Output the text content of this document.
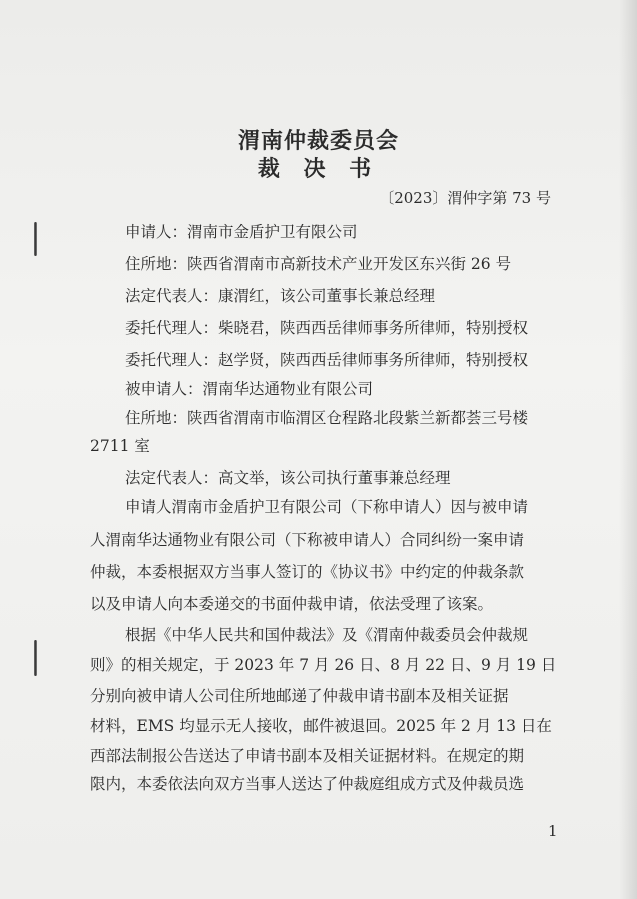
渭南仲裁委员会
裁 决 书
〔2023〕渭仲字第 73 号
申请人：渭南市金盾护卫有限公司
住所地：陕西省渭南市高新技术产业开发区东兴街 26 号
法定代表人：康渭红，该公司董事长兼总经理
委托代理人：柴晓君，陕西西岳律师事务所律师，特别授权
委托代理人：赵学贤，陕西西岳律师事务所律师，特别授权
被申请人：渭南华达通物业有限公司
住所地：陕西省渭南市临渭区仓程路北段紫兰新都荟三号楼
2711 室
法定代表人：高文举，该公司执行董事兼总经理
申请人渭南市金盾护卫有限公司（下称申请人）因与被申请
人渭南华达通物业有限公司（下称被申请人）合同纠纷一案申请
仲裁，本委根据双方当事人签订的《协议书》中约定的仲裁条款
以及申请人向本委递交的书面仲裁申请，依法受理了该案。
根据《中华人民共和国仲裁法》及《渭南仲裁委员会仲裁规
则》的相关规定，于 2023 年 7 月 26 日、8 月 22 日、9 月 19 日
分别向被申请人公司住所地邮递了仲裁申请书副本及相关证据
材料，EMS 均显示无人接收，邮件被退回。2025 年 2 月 13 日在
西部法制报公告送达了申请书副本及相关证据材料。在规定的期
限内，本委依法向双方当事人送达了仲裁庭组成方式及仲裁员选
1
